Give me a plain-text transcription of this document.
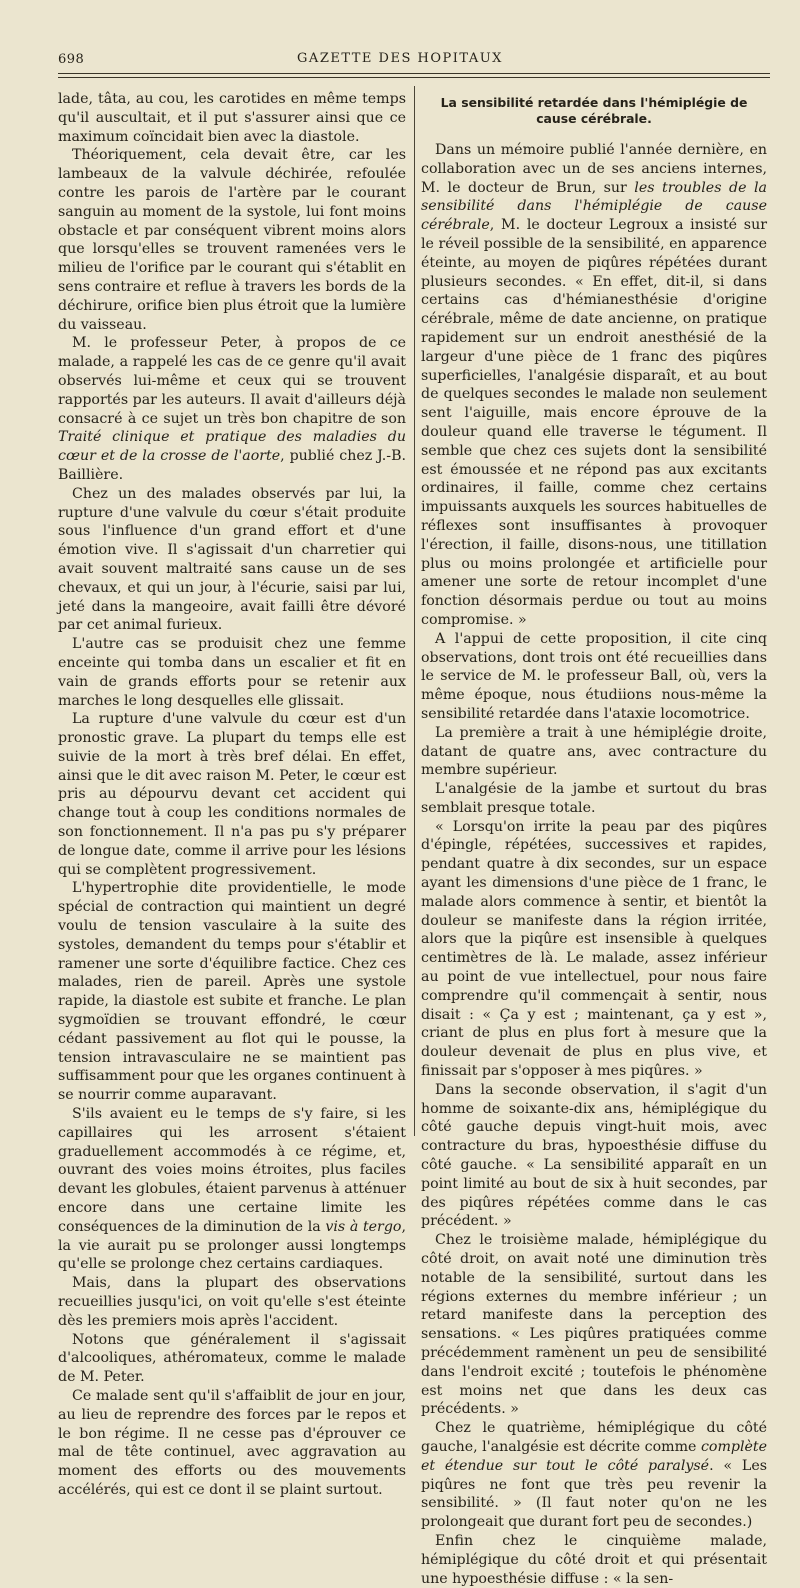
698	GAZETTE DES HOPITAUX

lade, tâta, au cou, les carotides en même temps qu'il auscultait, et il put s'assurer ainsi que ce maximum coïncidait bien avec la diastole.

Théoriquement, cela devait être, car les lambeaux de la valvule déchirée, refoulée contre les parois de l'artère par le courant sanguin au moment de la systole, lui font moins obstacle et par conséquent vibrent moins alors que lorsqu'elles se trouvent ramenées vers le milieu de l'orifice par le courant qui s'établit en sens contraire et reflue à travers les bords de la déchirure, orifice bien plus étroit que la lumière du vaisseau.

M. le professeur Peter, à propos de ce malade, a rappelé les cas de ce genre qu'il avait observés lui-même et ceux qui se trouvent rapportés par les auteurs. Il avait d'ailleurs déjà consacré à ce sujet un très bon chapitre de son Traité clinique et pratique des maladies du cœur et de la crosse de l'aorte, publié chez J.-B. Baillière.

Chez un des malades observés par lui, la rupture d'une valvule du cœur s'était produite sous l'influence d'un grand effort et d'une émotion vive. Il s'agissait d'un charretier qui avait souvent maltraité sans cause un de ses chevaux, et qui un jour, à l'écurie, saisi par lui, jeté dans la mangeoire, avait failli être dévoré par cet animal furieux.

L'autre cas se produisit chez une femme enceinte qui tomba dans un escalier et fit en vain de grands efforts pour se retenir aux marches le long desquelles elle glissait.

La rupture d'une valvule du cœur est d'un pronostic grave. La plupart du temps elle est suivie de la mort à très bref délai. En effet, ainsi que le dit avec raison M. Peter, le cœur est pris au dépourvu devant cet accident qui change tout à coup les conditions normales de son fonctionnement. Il n'a pas pu s'y préparer de longue date, comme il arrive pour les lésions qui se complètent progressivement.

L'hypertrophie dite providentielle, le mode spécial de contraction qui maintient un degré voulu de tension vasculaire à la suite des systoles, demandent du temps pour s'établir et ramener une sorte d'équilibre factice. Chez ces malades, rien de pareil. Après une systole rapide, la diastole est subite et franche. Le plan sygmoïdien se trouvant effondré, le cœur cédant passivement au flot qui le pousse, la tension intravasculaire ne se maintient pas suffisamment pour que les organes continuent à se nourrir comme auparavant.

S'ils avaient eu le temps de s'y faire, si les capillaires qui les arrosent s'étaient graduellement accommodés à ce régime, et, ouvrant des voies moins étroites, plus faciles devant les globules, étaient parvenus à atténuer encore dans une certaine limite les conséquences de la diminution de la vis à tergo, la vie aurait pu se prolonger aussi longtemps qu'elle se prolonge chez certains cardiaques.

Mais, dans la plupart des observations recueillies jusqu'ici, on voit qu'elle s'est éteinte dès les premiers mois après l'accident.

Notons que généralement il s'agissait d'alcooliques, athéromateux, comme le malade de M. Peter.

Ce malade sent qu'il s'affaiblit de jour en jour, au lieu de reprendre des forces par le repos et le bon régime. Il ne cesse pas d'éprouver ce mal de tête continuel, avec aggravation au moment des efforts ou des mouvements accélérés, qui est ce dont il se plaint surtout.

La sensibilité retardée dans l'hémiplégie de cause cérébrale.

Dans un mémoire publié l'année dernière, en collaboration avec un de ses anciens internes, M. le docteur de Brun, sur les troubles de la sensibilité dans l'hémiplégie de cause cérébrale, M. le docteur Legroux a insisté sur le réveil possible de la sensibilité, en apparence éteinte, au moyen de piqûres répétées durant plusieurs secondes. « En effet, dit-il, si dans certains cas d'hémianesthésie d'origine cérébrale, même de date ancienne, on pratique rapidement sur un endroit anesthésié de la largeur d'une pièce de 1 franc des piqûres superficielles, l'analgésie disparaît, et au bout de quelques secondes le malade non seulement sent l'aiguille, mais encore éprouve de la douleur quand elle traverse le tégument. Il semble que chez ces sujets dont la sensibilité est émoussée et ne répond pas aux excitants ordinaires, il faille, comme chez certains impuissants auxquels les sources habituelles de réflexes sont insuffisantes à provoquer l'érection, il faille, disons-nous, une titillation plus ou moins prolongée et artificielle pour amener une sorte de retour incomplet d'une fonction désormais perdue ou tout au moins compromise. »

A l'appui de cette proposition, il cite cinq observations, dont trois ont été recueillies dans le service de M. le professeur Ball, où, vers la même époque, nous étudiions nous-même la sensibilité retardée dans l'ataxie locomotrice.

La première a trait à une hémiplégie droite, datant de quatre ans, avec contracture du membre supérieur.

L'analgésie de la jambe et surtout du bras semblait presque totale.

« Lorsqu'on irrite la peau par des piqûres d'épingle, répétées, successives et rapides, pendant quatre à dix secondes, sur un espace ayant les dimensions d'une pièce de 1 franc, le malade alors commence à sentir, et bientôt la douleur se manifeste dans la région irritée, alors que la piqûre est insensible à quelques centimètres de là. Le malade, assez inférieur au point de vue intellectuel, pour nous faire comprendre qu'il commençait à sentir, nous disait : « Ça y est ; maintenant, ça y est », criant de plus en plus fort à mesure que la douleur devenait de plus en plus vive, et finissait par s'opposer à mes piqûres. »

Dans la seconde observation, il s'agit d'un homme de soixante-dix ans, hémiplégique du côté gauche depuis vingt-huit mois, avec contracture du bras, hypoesthésie diffuse du côté gauche. « La sensibilité apparaît en un point limité au bout de six à huit secondes, par des piqûres répétées comme dans le cas précédent. »

Chez le troisième malade, hémiplégique du côté droit, on avait noté une diminution très notable de la sensibilité, surtout dans les régions externes du membre inférieur ; un retard manifeste dans la perception des sensations. « Les piqûres pratiquées comme précédemment ramènent un peu de sensibilité dans l'endroit excité ; toutefois le phénomène est moins net que dans les deux cas précédents. »

Chez le quatrième, hémiplégique du côté gauche, l'analgésie est décrite comme complète et étendue sur tout le côté paralysé. « Les piqûres ne font que très peu revenir la sensibilité. » (Il faut noter qu'on ne les prolongeait que durant fort peu de secondes.)

Enfin chez le cinquième malade, hémiplégique du côté droit et qui présentait une hypoesthésie diffuse : « la sen-
